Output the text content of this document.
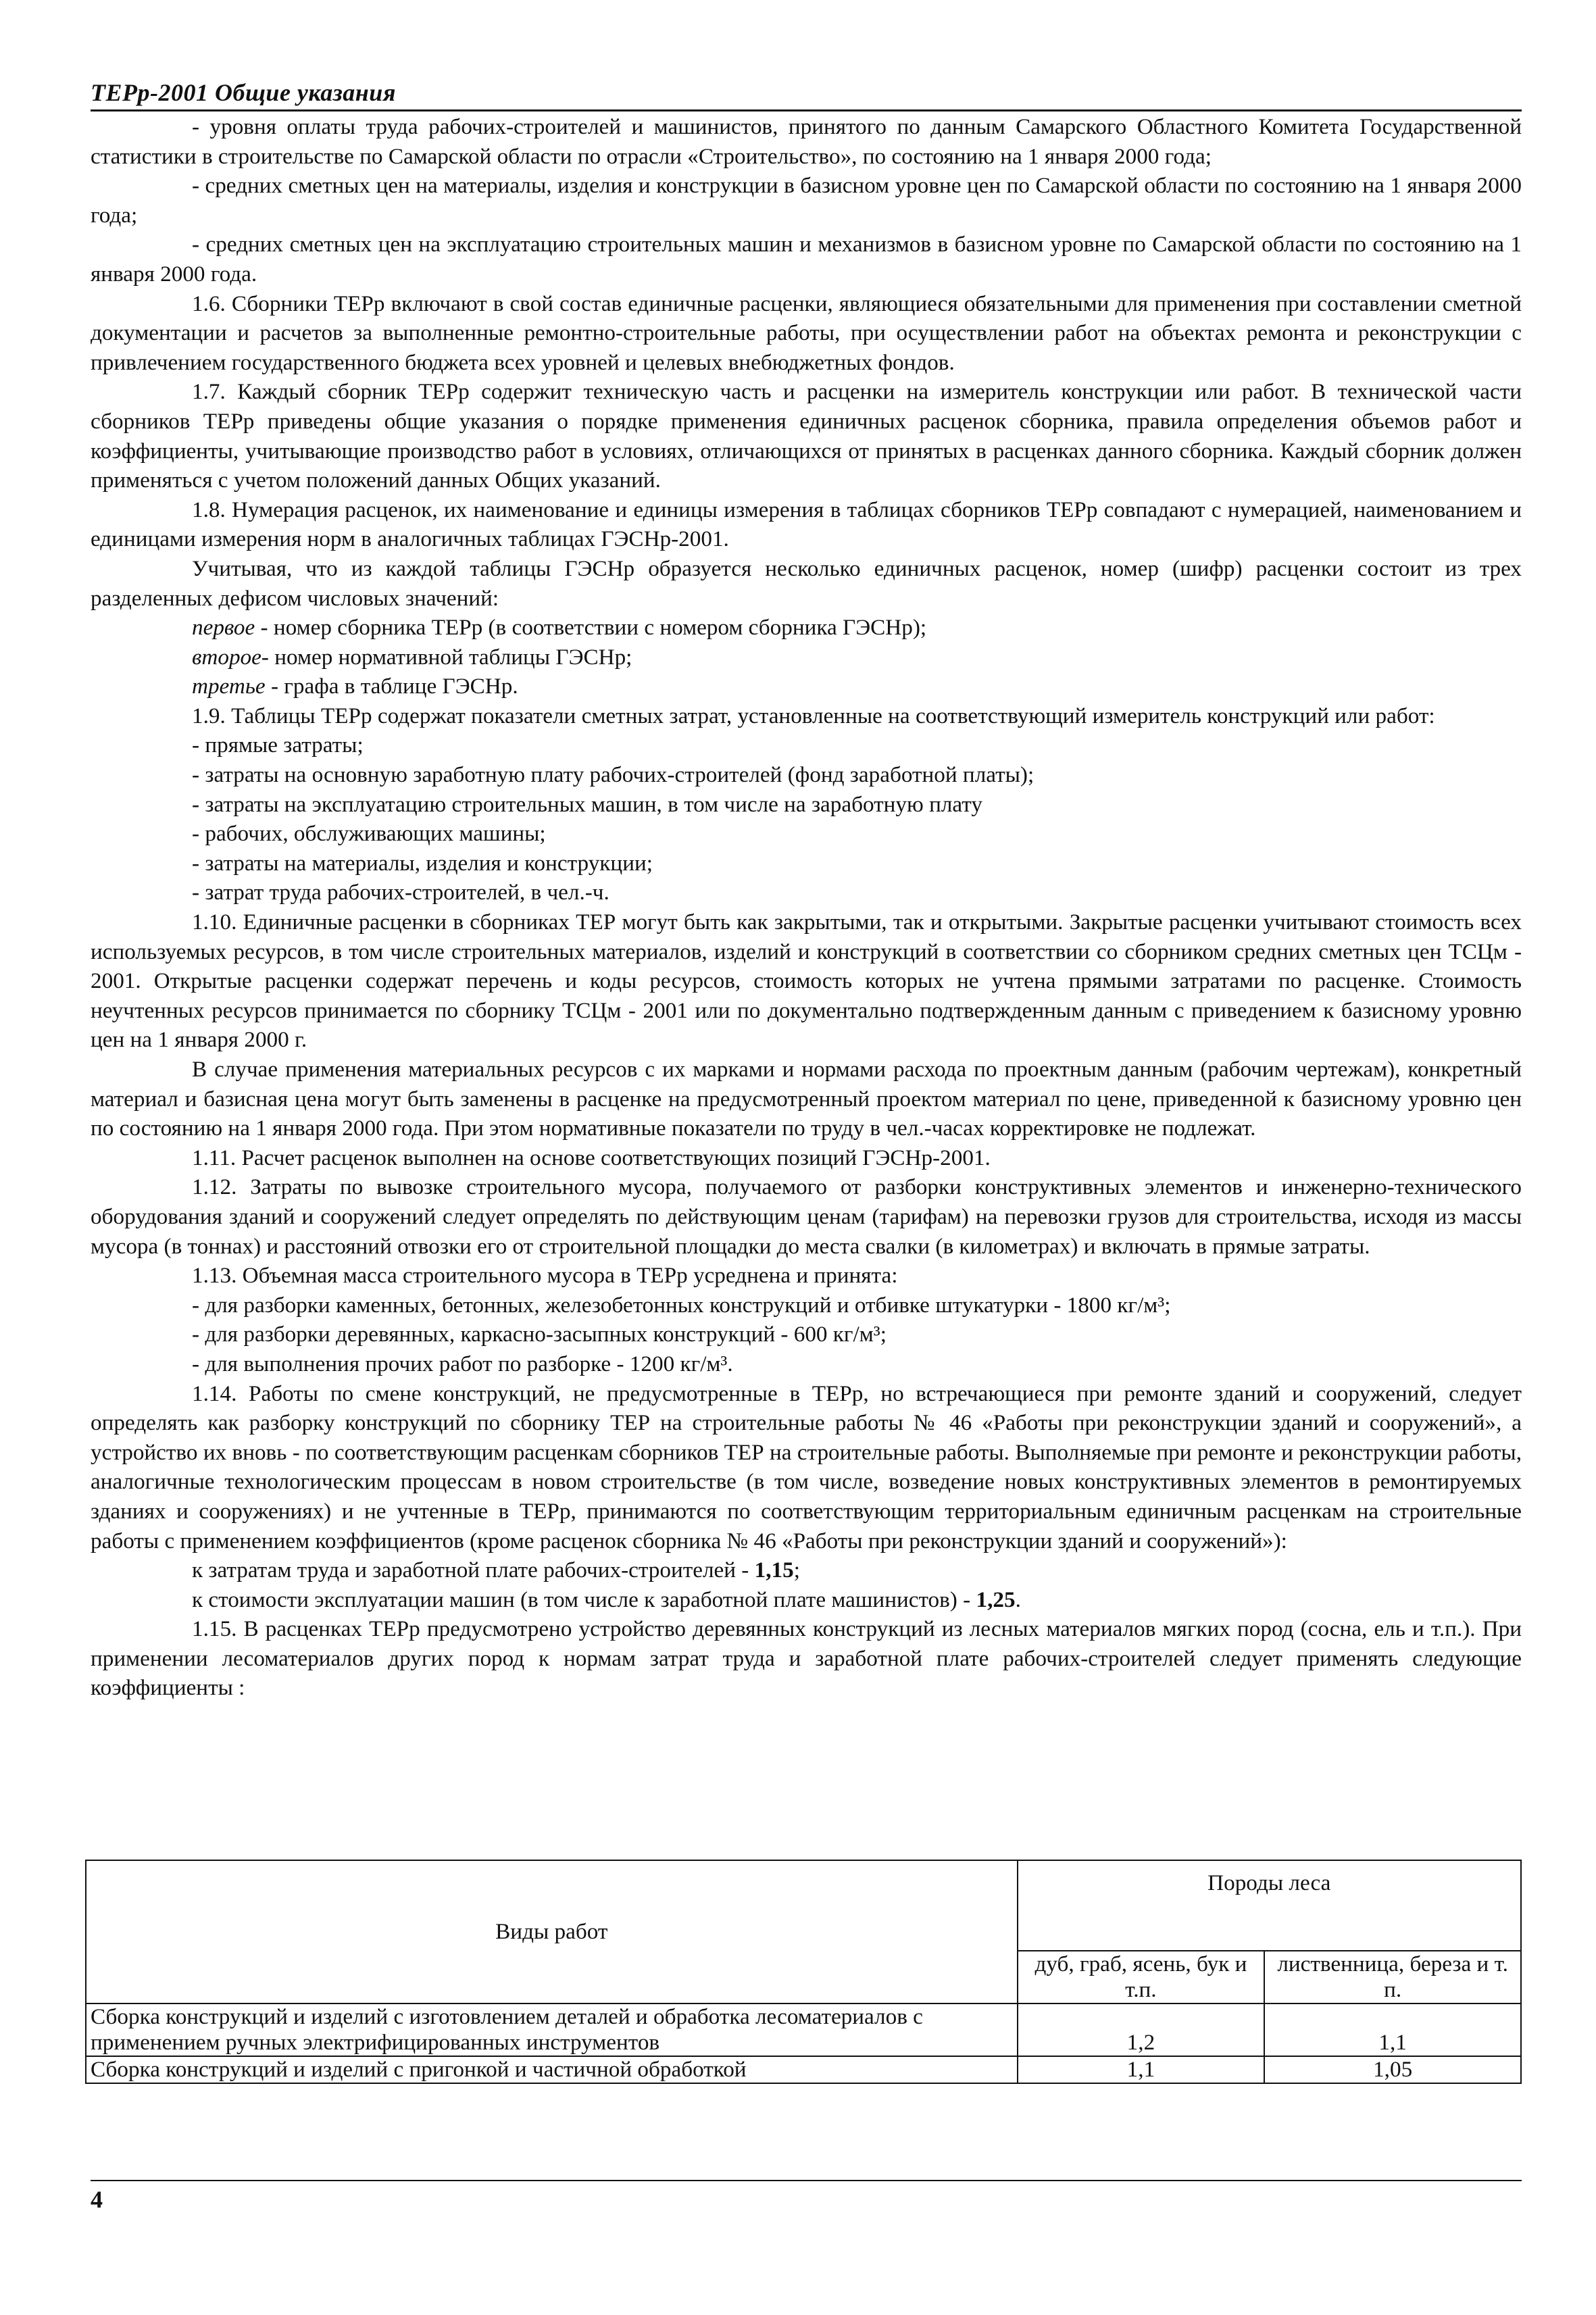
ТЕРр-2001 Общие указания

- уровня оплаты труда рабочих-строителей и машинистов, принятого по данным Самарского Областного Комитета Государственной статистики в строительстве по Самарской области по отрасли «Строительство», по состоянию на 1 января 2000 года;

- средних сметных цен на материалы, изделия и конструкции в базисном уровне цен по Самарской области по состоянию на 1 января 2000 года;

- средних сметных цен на эксплуатацию строительных машин и механизмов в базисном уровне по Самарской области по состоянию на 1 января 2000 года.

1.6. Сборники ТЕРр включают в свой состав единичные расценки, являющиеся обязательными для применения при составлении сметной документации и расчетов за выполненные ремонтно-строительные работы, при осуществлении работ на объектах ремонта и реконструкции с привлечением государственного бюджета всех уровней и целевых внебюджетных фондов.

1.7. Каждый сборник ТЕРр содержит техническую часть и расценки на измеритель конструкции или работ. В технической части сборников ТЕРр приведены общие указания о порядке применения единичных расценок сборника, правила определения объемов работ и коэффициенты, учитывающие производство работ в условиях, отличающихся от принятых в расценках данного сборника. Каждый сборник должен применяться с учетом положений данных Общих указаний.

1.8. Нумерация расценок, их наименование и единицы измерения в таблицах сборников ТЕРр совпадают с нумерацией, наименованием и единицами измерения норм в аналогичных таблицах ГЭСНр-2001.

Учитывая, что из каждой таблицы ГЭСНр образуется несколько единичных расценок, номер (шифр) расценки состоит из трех разделенных дефисом числовых значений:

первое - номер сборника ТЕРр (в соответствии с номером сборника ГЭСНр);

второе- номер нормативной таблицы ГЭСНр;

третье - графа в таблице ГЭСНр.

1.9. Таблицы ТЕРр содержат показатели сметных затрат, установленные на соответствующий измеритель конструкций или работ:

- прямые затраты;

- затраты на основную заработную плату рабочих-строителей (фонд заработной платы);

- затраты на эксплуатацию строительных машин, в том числе на заработную плату

- рабочих, обслуживающих машины;

- затраты на материалы, изделия и конструкции;

- затрат труда рабочих-строителей, в чел.-ч.

1.10. Единичные расценки в сборниках ТЕР могут быть как закрытыми, так и открытыми. Закрытые расценки учитывают стоимость всех используемых ресурсов, в том числе строительных материалов, изделий и конструкций в соответствии со сборником средних сметных цен ТСЦм - 2001. Открытые расценки содержат перечень и коды ресурсов, стоимость которых не учтена прямыми затратами по расценке. Стоимость неучтенных ресурсов принимается по сборнику ТСЦм - 2001 или по документально подтвержденным данным с приведением к базисному уровню цен на 1 января 2000 г.

В случае применения материальных ресурсов с их марками и нормами расхода по проектным данным (рабочим чертежам), конкретный материал и базисная цена могут быть заменены в расценке на предусмотренный проектом материал по цене, приведенной к базисному уровню цен по состоянию на 1 января 2000 года. При этом нормативные показатели по труду в чел.-часах корректировке не подлежат.

1.11. Расчет расценок выполнен на основе соответствующих позиций ГЭСНр-2001.

1.12. Затраты по вывозке строительного мусора, получаемого от разборки конструктивных элементов и инженерно-технического оборудования зданий и сооружений следует определять по действующим ценам (тарифам) на перевозки грузов для строительства, исходя из массы мусора (в тоннах) и расстояний отвозки его от строительной площадки до места свалки (в километрах) и включать в прямые затраты.

1.13. Объемная масса строительного мусора в ТЕРр усреднена и принята:

- для разборки каменных, бетонных, железобетонных конструкций и отбивке штукатурки - 1800 кг/м³;

- для разборки деревянных, каркасно-засыпных конструкций - 600 кг/м³;

- для выполнения прочих работ по разборке - 1200 кг/м³.

1.14. Работы по смене конструкций, не предусмотренные в ТЕРр, но встречающиеся при ремонте зданий и сооружений, следует определять как разборку конструкций по сборнику ТЕР на строительные работы № 46 «Работы при реконструкции зданий и сооружений», а устройство их вновь - по соответствующим расценкам сборников ТЕР на строительные работы. Выполняемые при ремонте и реконструкции работы, аналогичные технологическим процессам в новом строительстве (в том числе, возведение новых конструктивных элементов в ремонтируемых зданиях и сооружениях) и не учтенные в ТЕРр, принимаются по соответствующим территориальным единичным расценкам на строительные работы с применением коэффициентов (кроме расценок сборника № 46 «Работы при реконструкции зданий и сооружений»):

к затратам труда и заработной плате рабочих-строителей - 1,15;

к стоимости эксплуатации машин (в том числе к заработной плате машинистов) - 1,25.

1.15. В расценках ТЕРр предусмотрено устройство деревянных конструкций из лесных материалов мягких пород (сосна, ель и т.п.). При применении лесоматериалов других пород к нормам затрат труда и заработной плате рабочих-строителей следует применять следующие коэффициенты :

Виды работ	Породы леса	
	дуб, граб, ясень, бук и т.п.	лиственница, береза и т. п.
Сборка конструкций и изделий с изготовлением деталей и обработка лесоматериалов с применением ручных электрифицированных инструментов	1,2	1,1
Сборка конструкций и изделий с пригонкой и частичной обработкой	1,1	1,05
4
